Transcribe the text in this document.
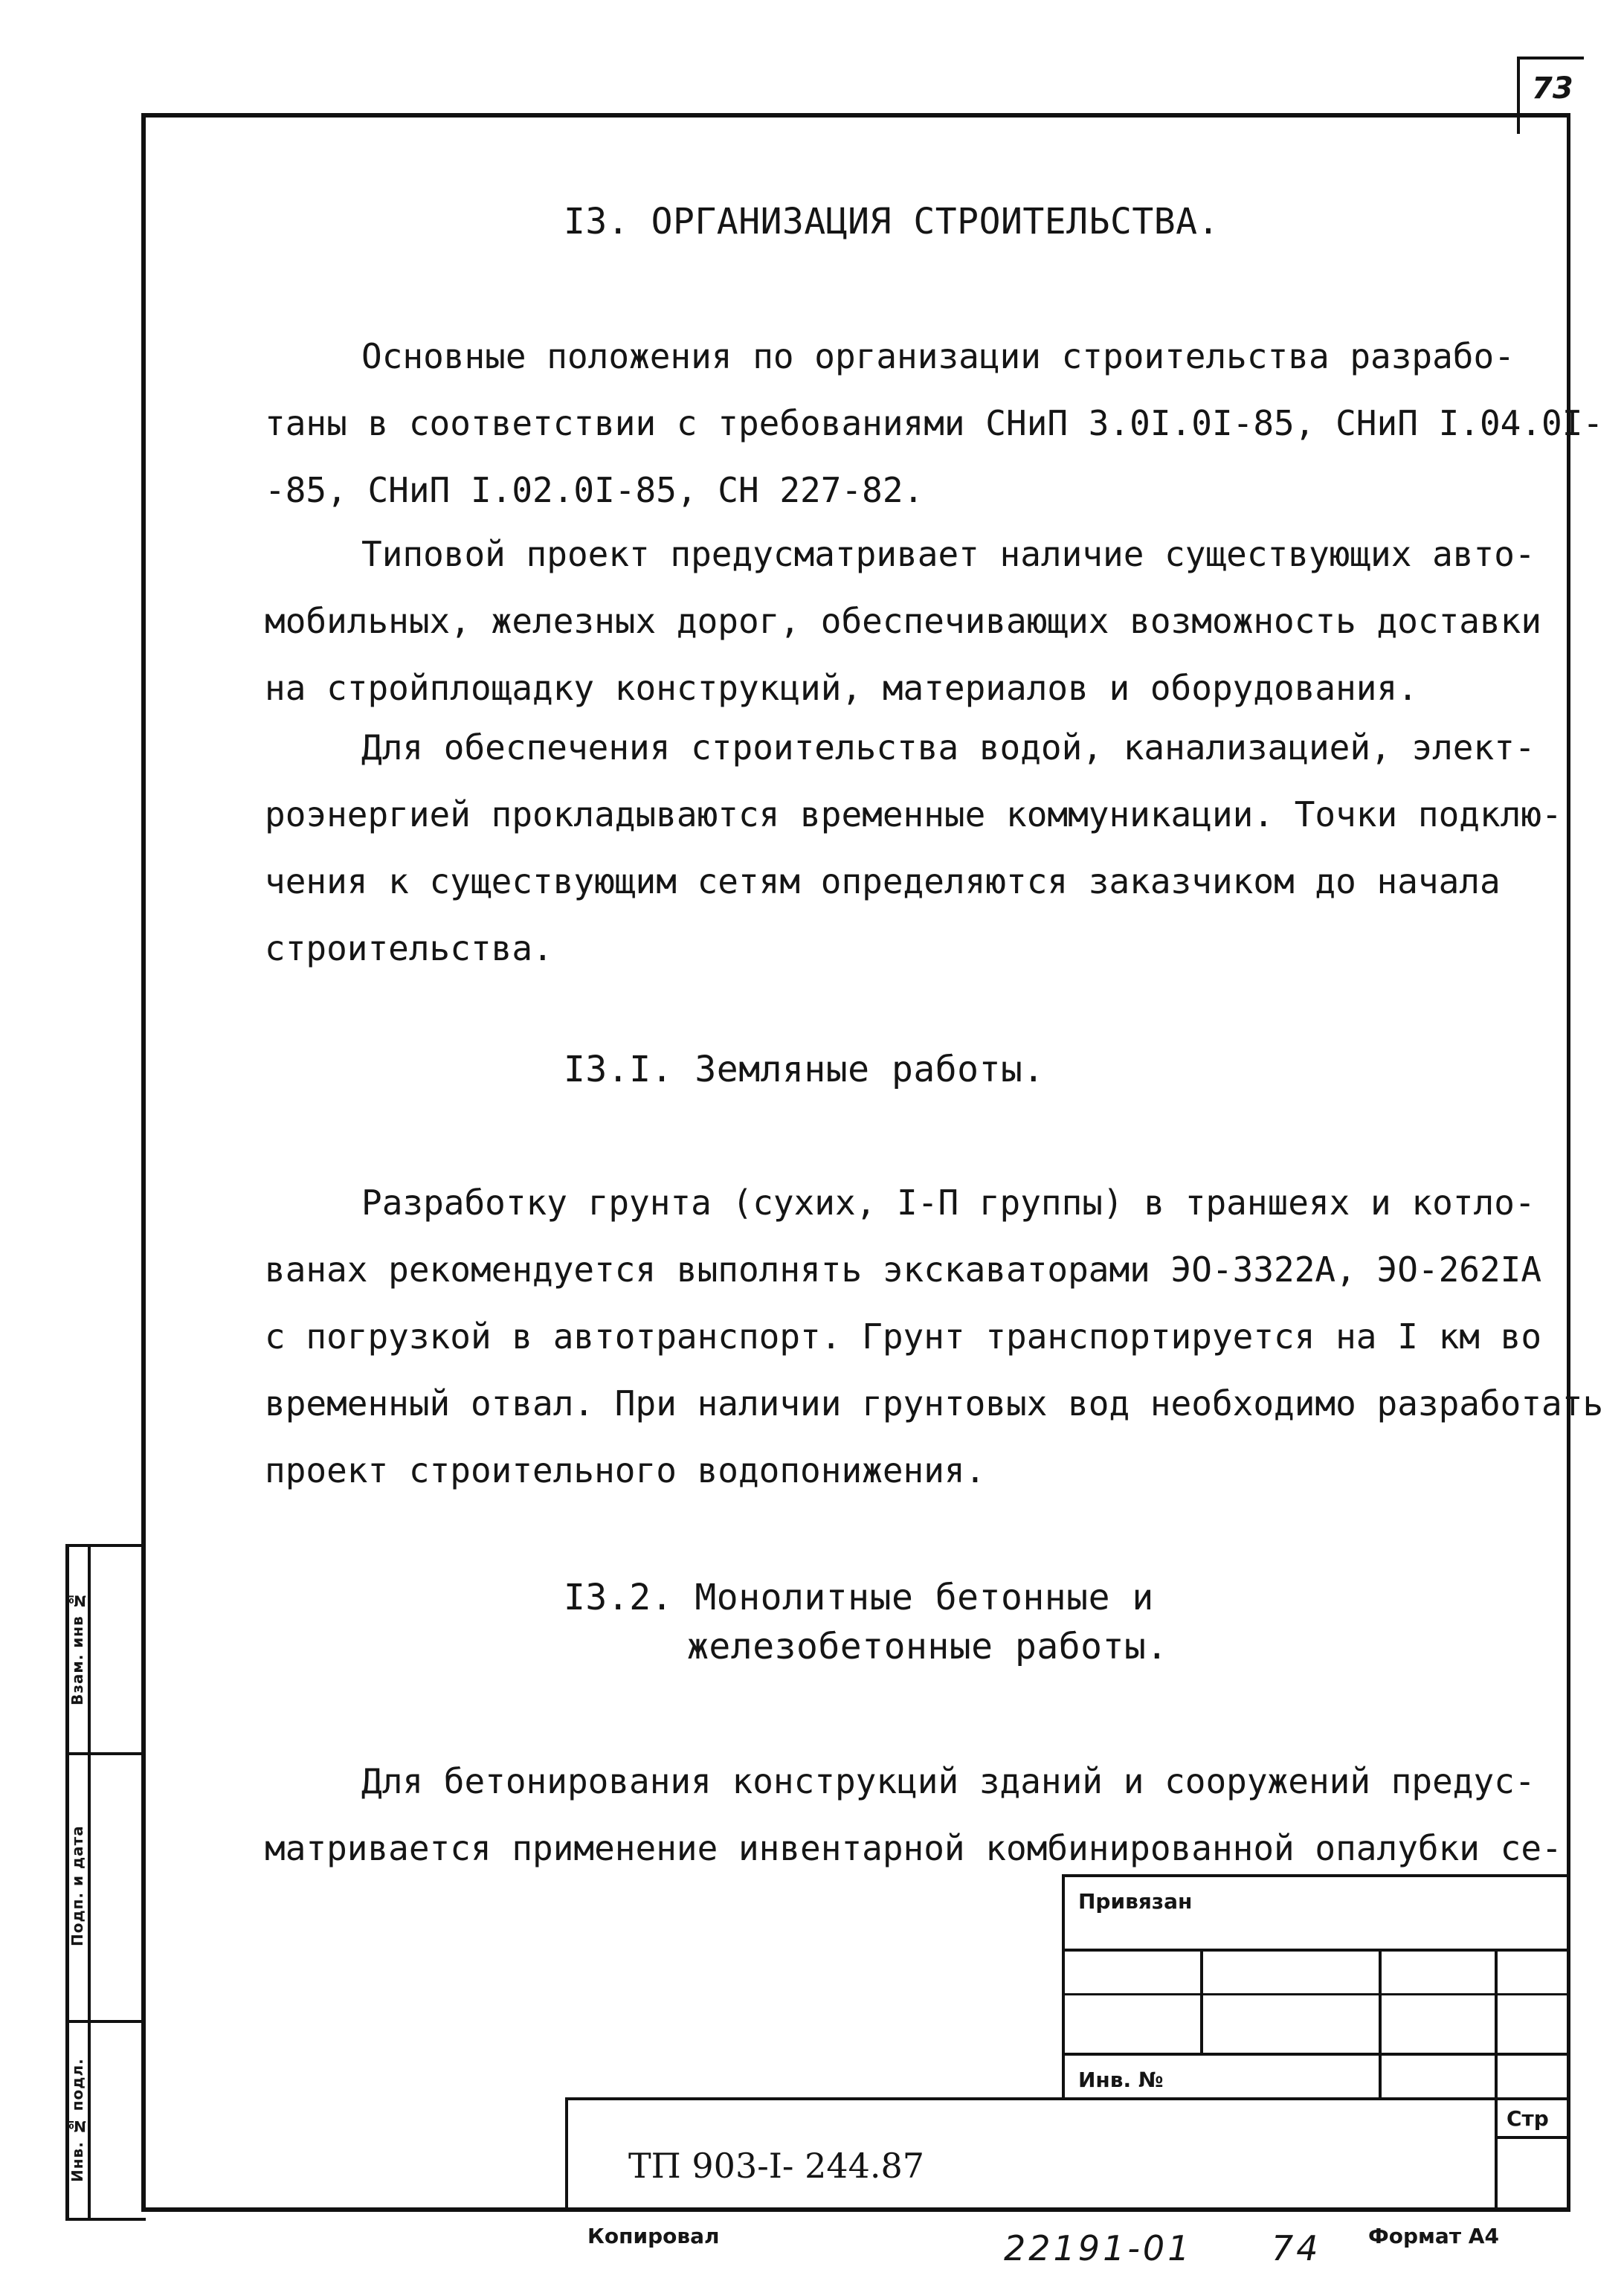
73
Взам. инв №
Подп. и дата
Инв. № подл.
I3. ОРГАНИЗАЦИЯ СТРОИТЕЛЬСТВА.
Основные положения по организации строительства разрабо-
таны в соответствии с требованиями СНиП 3.0I.0I-85, СНиП I.04.0I-
-85, СНиП I.02.0I-85, СН 227-82.
Типовой проект предусматривает наличие существующих авто-
мобильных, железных дорог, обеспечивающих возможность доставки
на стройплощадку конструкций, материалов и оборудования.
Для обеспечения строительства водой, канализацией, элект-
роэнергией прокладываются временные коммуникации. Точки подклю-
чения к существующим сетям определяются заказчиком до начала
строительства.
I3.I. Земляные работы.
Разработку грунта (сухих, I-П группы) в траншеях и котло-
ванах рекомендуется выполнять экскаваторами ЭО-3322А, ЭО-262IА
с погрузкой в автотранспорт. Грунт транспортируется на I км во
временный отвал. При наличии грунтовых вод необходимо разработать
проект строительного водопонижения.
I3.2. Монолитные бетонные и
железобетонные работы.
Для бетонирования конструкций зданий и сооружений предус-
матривается применение инвентарной комбинированной опалубки се-
Привязан
Инв. №
Стр
ТП 903-I- 244.87
Копировал	22191-01 74 Формат А4
